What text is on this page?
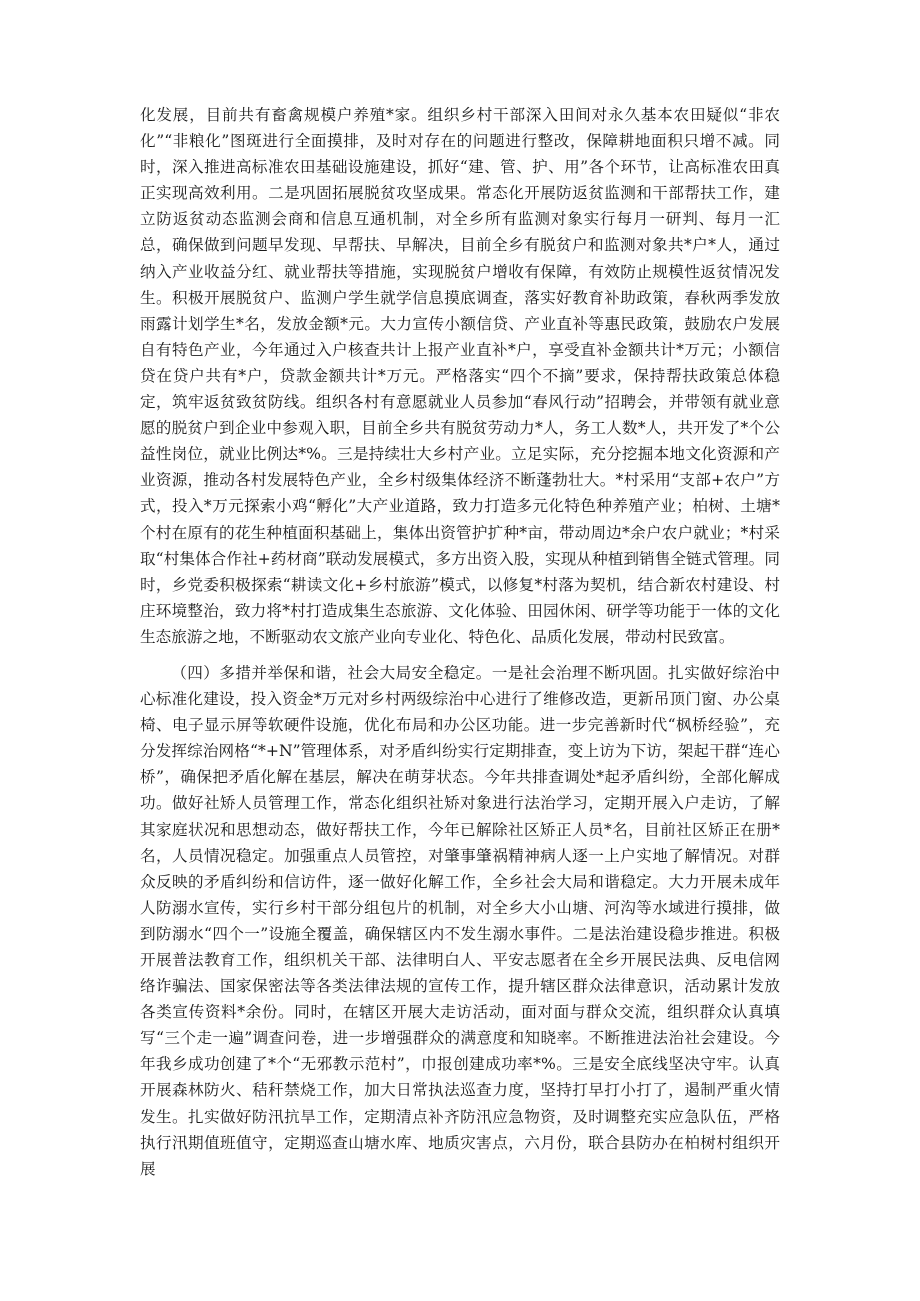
化发展，目前共有畜禽规模户养殖*家。组织乡村干部深入田间对永久基本农田疑似“非农化”“非粮化”图斑进行全面摸排，及时对存在的问题进行整改，保障耕地面积只增不减。同时，深入推进高标准农田基础设施建设，抓好“建、管、护、用”各个环节，让高标准农田真正实现高效利用。二是巩固拓展脱贫攻坚成果。常态化开展防返贫监测和干部帮扶工作，建立防返贫动态监测会商和信息互通机制，对全乡所有监测对象实行每月一研判、每月一汇总，确保做到问题早发现、早帮扶、早解决，目前全乡有脱贫户和监测对象共*户*人，通过纳入产业收益分红、就业帮扶等措施，实现脱贫户增收有保障，有效防止规模性返贫情况发生。积极开展脱贫户、监测户学生就学信息摸底调查，落实好教育补助政策，春秋两季发放雨露计划学生*名，发放金额*元。大力宣传小额信贷、产业直补等惠民政策，鼓励农户发展自有特色产业，今年通过入户核查共计上报产业直补*户，享受直补金额共计*万元；小额信贷在贷户共有*户，贷款金额共计*万元。严格落实“四个不摘”要求，保持帮扶政策总体稳定，筑牢返贫致贫防线。组织各村有意愿就业人员参加“春风行动”招聘会，并带领有就业意愿的脱贫户到企业中参观入职，目前全乡共有脱贫劳动力*人，务工人数*人，共开发了*个公益性岗位，就业比例达*%。三是持续壮大乡村产业。立足实际，充分挖掘本地文化资源和产业资源，推动各村发展特色产业，全乡村级集体经济不断蓬勃壮大。*村采用“支部+农户”方式，投入*万元探索小鸡“孵化”大产业道路，致力打造多元化特色种养殖产业；柏树、土塘*个村在原有的花生种植面积基础上，集体出资管护扩种*亩，带动周边*余户农户就业；*村采取“村集体合作社+药材商”联动发展模式，多方出资入股，实现从种植到销售全链式管理。同时，乡党委积极探索“耕读文化+乡村旅游”模式，以修复*村落为契机，结合新农村建设、村庄环境整治，致力将*村打造成集生态旅游、文化体验、田园休闲、研学等功能于一体的文化生态旅游之地，不断驱动农文旅产业向专业化、特色化、品质化发展，带动村民致富。

（四）多措并举保和谐，社会大局安全稳定。一是社会治理不断巩固。扎实做好综治中心标准化建设，投入资金*万元对乡村两级综治中心进行了维修改造，更新吊顶门窗、办公桌椅、电子显示屏等软硬件设施，优化布局和办公区功能。进一步完善新时代“枫桥经验”，充分发挥综治网格“*+N”管理体系，对矛盾纠纷实行定期排查，变上访为下访，架起干群“连心桥”，确保把矛盾化解在基层，解决在萌芽状态。今年共排查调处*起矛盾纠纷，全部化解成功。做好社矫人员管理工作，常态化组织社矫对象进行法治学习，定期开展入户走访，了解其家庭状况和思想动态，做好帮扶工作，今年已解除社区矫正人员*名，目前社区矫正在册*名，人员情况稳定。加强重点人员管控，对肇事肇祸精神病人逐一上户实地了解情况。对群众反映的矛盾纠纷和信访件，逐一做好化解工作，全乡社会大局和谐稳定。大力开展未成年人防溺水宣传，实行乡村干部分组包片的机制，对全乡大小山塘、河沟等水域进行摸排，做到防溺水“四个一”设施全覆盖，确保辖区内不发生溺水事件。二是法治建设稳步推进。积极开展普法教育工作，组织机关干部、法律明白人、平安志愿者在全乡开展民法典、反电信网络诈骗法、国家保密法等各类法律法规的宣传工作，提升辖区群众法律意识，活动累计发放各类宣传资料*余份。同时，在辖区开展大走访活动，面对面与群众交流，组织群众认真填写“三个走一遍”调查问卷，进一步增强群众的满意度和知晓率。不断推进法治社会建设。今年我乡成功创建了*个“无邪教示范村”，巾报创建成功率*%。三是安全底线坚决守牢。认真开展森林防火、秸秆禁烧工作，加大日常执法巡查力度，坚持打早打小打了，遏制严重火情发生。扎实做好防汛抗旱工作，定期清点补齐防汛应急物资，及时调整充实应急队伍，严格执行汛期值班值守，定期巡查山塘水库、地质灾害点，六月份，联合县防办在柏树村组织开展
